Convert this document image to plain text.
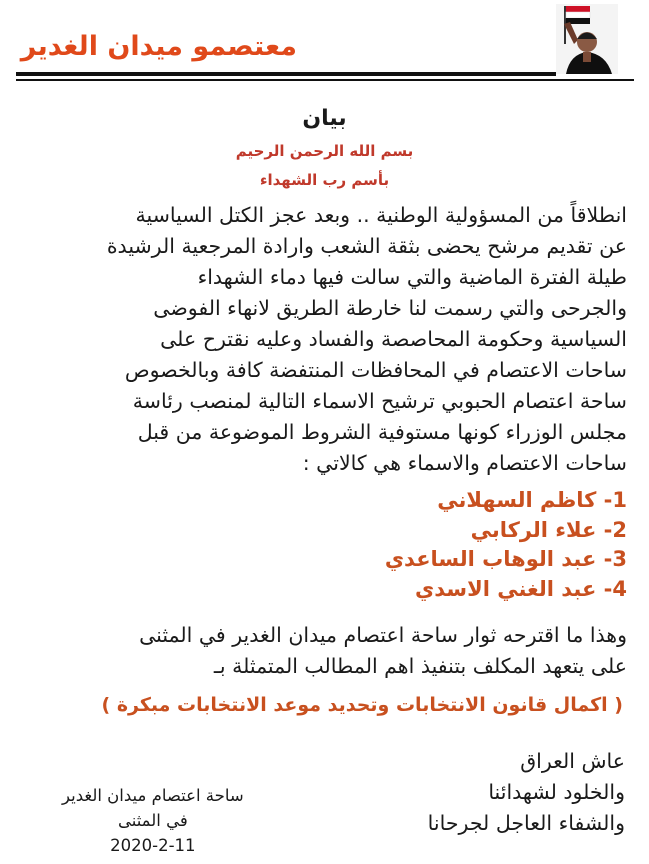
معتصمو ميدان الغدير
بيان
بسم الله الرحمن الرحيم
بأسم رب الشهداء
انطلاقاً من المسؤولية الوطنية .. وبعد عجز الكتل السياسية
عن تقديم مرشح يحضى بثقة الشعب وارادة المرجعية الرشيدة
طيلة الفترة الماضية والتي سالت فيها دماء الشهداء
والجرحى والتي رسمت لنا خارطة الطريق لانهاء الفوضى
السياسية وحكومة المحاصصة والفساد وعليه نقترح على
ساحات الاعتصام في المحافظات المنتفضة كافة وبالخصوص
ساحة اعتصام الحبوبي ترشيح الاسماء التالية لمنصب رئاسة
مجلس الوزراء كونها مستوفية الشروط الموضوعة من قبل
ساحات الاعتصام والاسماء هي كالاتي :
1- كاظم السهلاني
2- علاء الركابي
3- عبد الوهاب الساعدي
4- عبد الغني الاسدي
وهذا ما اقترحه ثوار ساحة اعتصام ميدان الغدير في المثنى
على يتعهد المكلف بتنفيذ اهم المطالب المتمثلة بـ
( اكمال قانون الانتخابات وتحديد موعد الانتخابات مبكرة )
عاش العراق
والخلود لشهدائنا
والشفاء العاجل لجرحانا
ساحة اعتصام ميدان الغدير
في المثنى
2020-2-11
